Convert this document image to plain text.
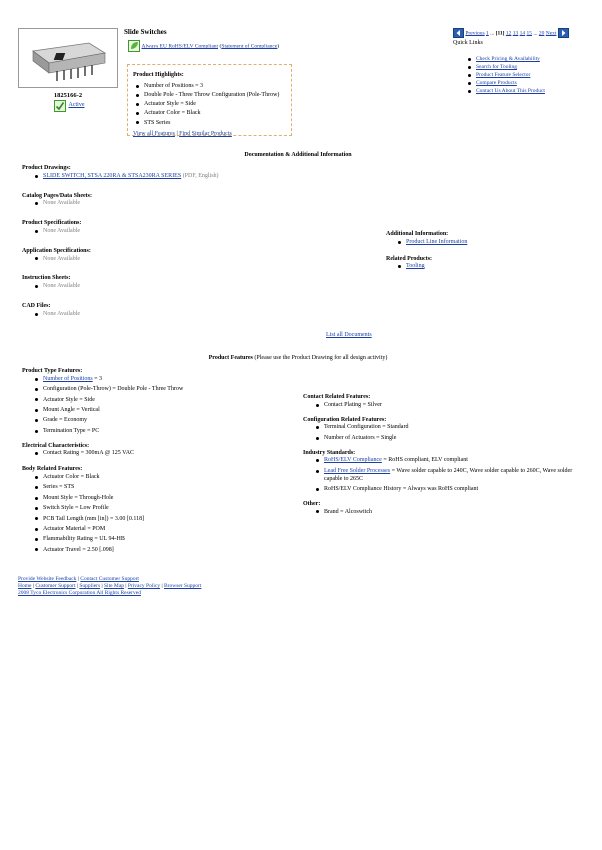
1825166-2
Active
Slide Switches
Always EU RoHS/ELV Compliant (Statement of Compliance)
Product Highlights:
Number of Positions = 3
Double Pole - Three Throw Configuration (Pole-Throw)
Actuator Style = Side
Actuator Color = Black
STS Series
View all Features | Find Similar Products
Previous 1 ... [11] 12 13 14 15 ... 20 Next
Quick Links
Check Pricing & Availability
Search for Tooling
Product Feature Selector
Compare Products
Contact Us About This Product
Documentation & Additional Information
Product Drawings:
SLIDE SWITCH, STSA 220RA & STSA230RA SERIES (PDF, English)
Catalog Pages/Data Sheets:
None Available
Product Specifications:
None Available
Application Specifications:
None Available
Instruction Sheets:
None Available
CAD Files:
None Available
Additional Information:
Product Line Information
Related Products:
Tooling
List all Documents
Product Features (Please use the Product Drawing for all design activity)
Product Type Features:
Number of Positions = 3
Configuration (Pole-Throw) = Double Pole - Three Throw
Actuator Style = Side
Mount Angle = Vertical
Grade = Economy
Termination Type = PC
Electrical Characteristics:
Contact Rating = 300mA @ 125 VAC
Body Related Features:
Actuator Color = Black
Series = STS
Mount Style = Through-Hole
Switch Style = Low Profile
PCB Tail Length (mm [in]) = 3.00 [0.118]
Actuator Material = POM
Flammability Rating = UL 94-HB
Actuator Travel = 2.50 [.098]
Contact Related Features:
Contact Plating = Silver
Configuration Related Features:
Terminal Configuration = Standard
Number of Actuators = Single
Industry Standards:
RoHS/ELV Compliance = RoHS compliant, ELV compliant
Lead Free Solder Processes = Wave solder capable to 240C, Wave solder capable to 260C, Wave solder capable to 265C
RoHS/ELV Compliance History = Always was RoHS compliant
Other:
Brand = Alcoswitch
Provide Website Feedback | Contact Customer Support
Home | Customer Support | Suppliers | Site Map | Privacy Policy | Browser Support
2008 Tyco Electronics Corporation All Rights Reserved
